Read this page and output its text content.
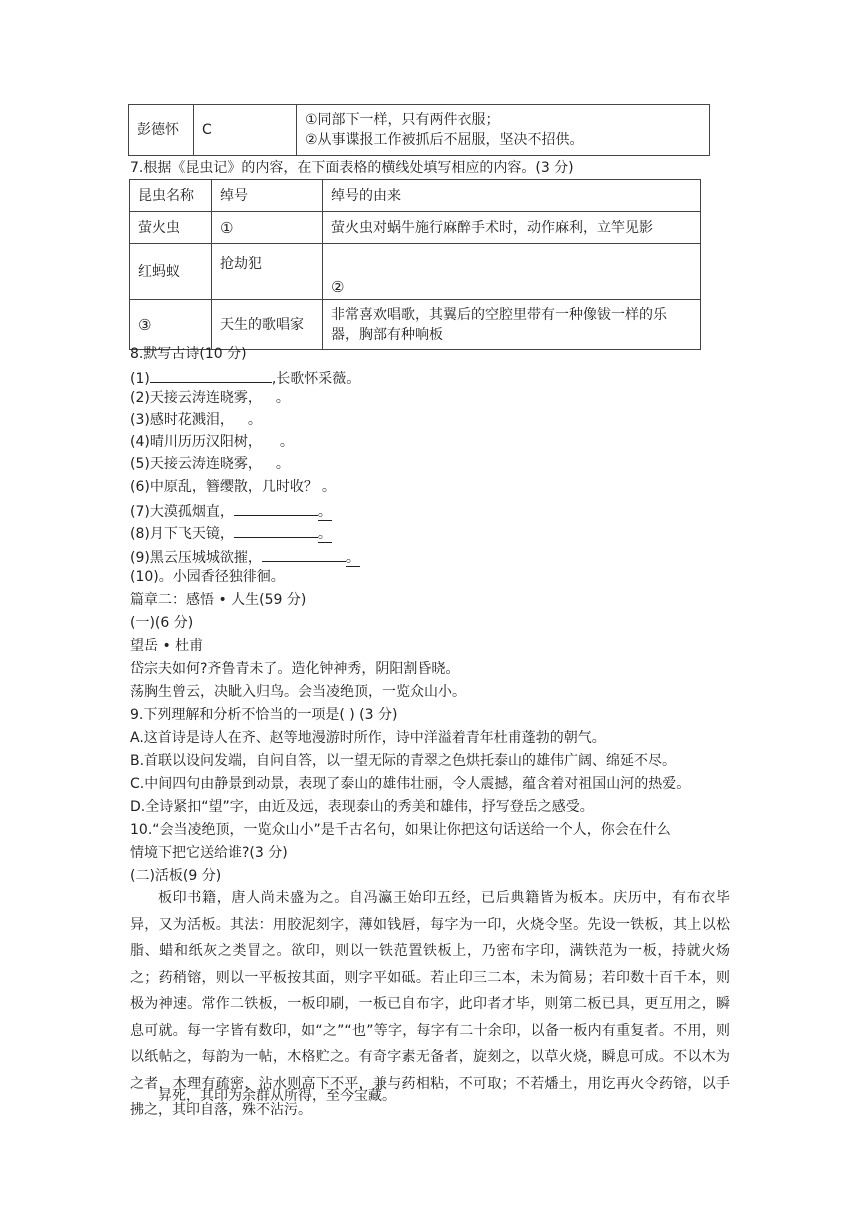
彭德怀	C	
①同部下一样，只有两件衣服；
②从事谍报工作被抓后不屈服，坚决不招供。
7.根据《昆虫记》的内容，在下面表格的横线处填写相应的内容。(3 分)
昆虫名称	绰号	绰号的由来
萤火虫	①	萤火虫对蜗牛施行麻醉手术时，动作麻利，立竿见影
红蚂蚁	抢劫犯	②
③	天生的歌唱家	非常喜欢唱歌，其翼后的空腔里带有一种像钹一样的乐器，胸部有种响板
8.默写古诗(10 分)
(1)	,长歌怀采薇。
(2)天接云涛连晓雾， 。
(3)感时花溅泪， 。
(4)晴川历历汉阳树， 。
(5)天接云涛连晓雾， 。
(6)中原乱，簪缨散，几时收？ 。
(7)大漠孤烟直，	。
(8)月下飞天镜，	。
(9)黑云压城城欲摧，	。
(10)。小园香径独徘徊。
篇章二：感悟 • 人生(59 分)
(一)(6 分)
望岳 • 杜甫
岱宗夫如何?齐鲁青未了。造化钟神秀，阴阳割昏晓。
荡胸生曾云，决眦入归鸟。会当凌绝顶，一览众山小。
9.下列理解和分析不恰当的一项是( ) (3 分)
A.这首诗是诗人在齐、赵等地漫游时所作，诗中洋溢着青年杜甫蓬勃的朝气。
B.首联以设问发端，自问自答，以一望无际的青翠之色烘托泰山的雄伟广阔、绵延不尽。
C.中间四句由静景到动景，表现了泰山的雄伟壮丽，令人震撼，蕴含着对祖国山河的热爱。
D.全诗紧扣“望”字，由近及远，表现泰山的秀美和雄伟，抒写登岳之感受。
10.“会当凌绝顶，一览众山小”是千古名句，如果让你把这句话送给一个人，你会在什么
情境下把它送给谁?(3 分)
(二)活板(9 分)
板印书籍，唐人尚未盛为之。自冯瀛王始印五经，已后典籍皆为板本。庆历中，有布衣毕异，又为活板。其法：用胶泥刻字，薄如钱唇，每字为一印，火烧令坚。先设一铁板，其上以松脂、蜡和纸灰之类冒之。欲印，则以一铁范置铁板上，乃密布字印，满铁范为一板，持就火炀之；药稍镕，则以一平板按其面，则字平如砥。若止印三二本，未为简易；若印数十百千本，则极为神速。常作二铁板，一板印刷，一板已自布字，此印者才毕，则第二板已具，更互用之，瞬息可就。每一字皆有数印，如“之”“也”等字，每字有二十余印，以备一板内有重复者。不用，则以纸帖之，每韵为一帖，木格贮之。有奇字素无备者，旋刻之，以草火烧，瞬息可成。不以木为之者，木理有疏密，沾水则高下不平，兼与药相粘，不可取；不若燔土，用讫再火令药镕，以手拂之，其印自落，殊不沾污。
昇死，其印为余群从所得，至今宝藏。
